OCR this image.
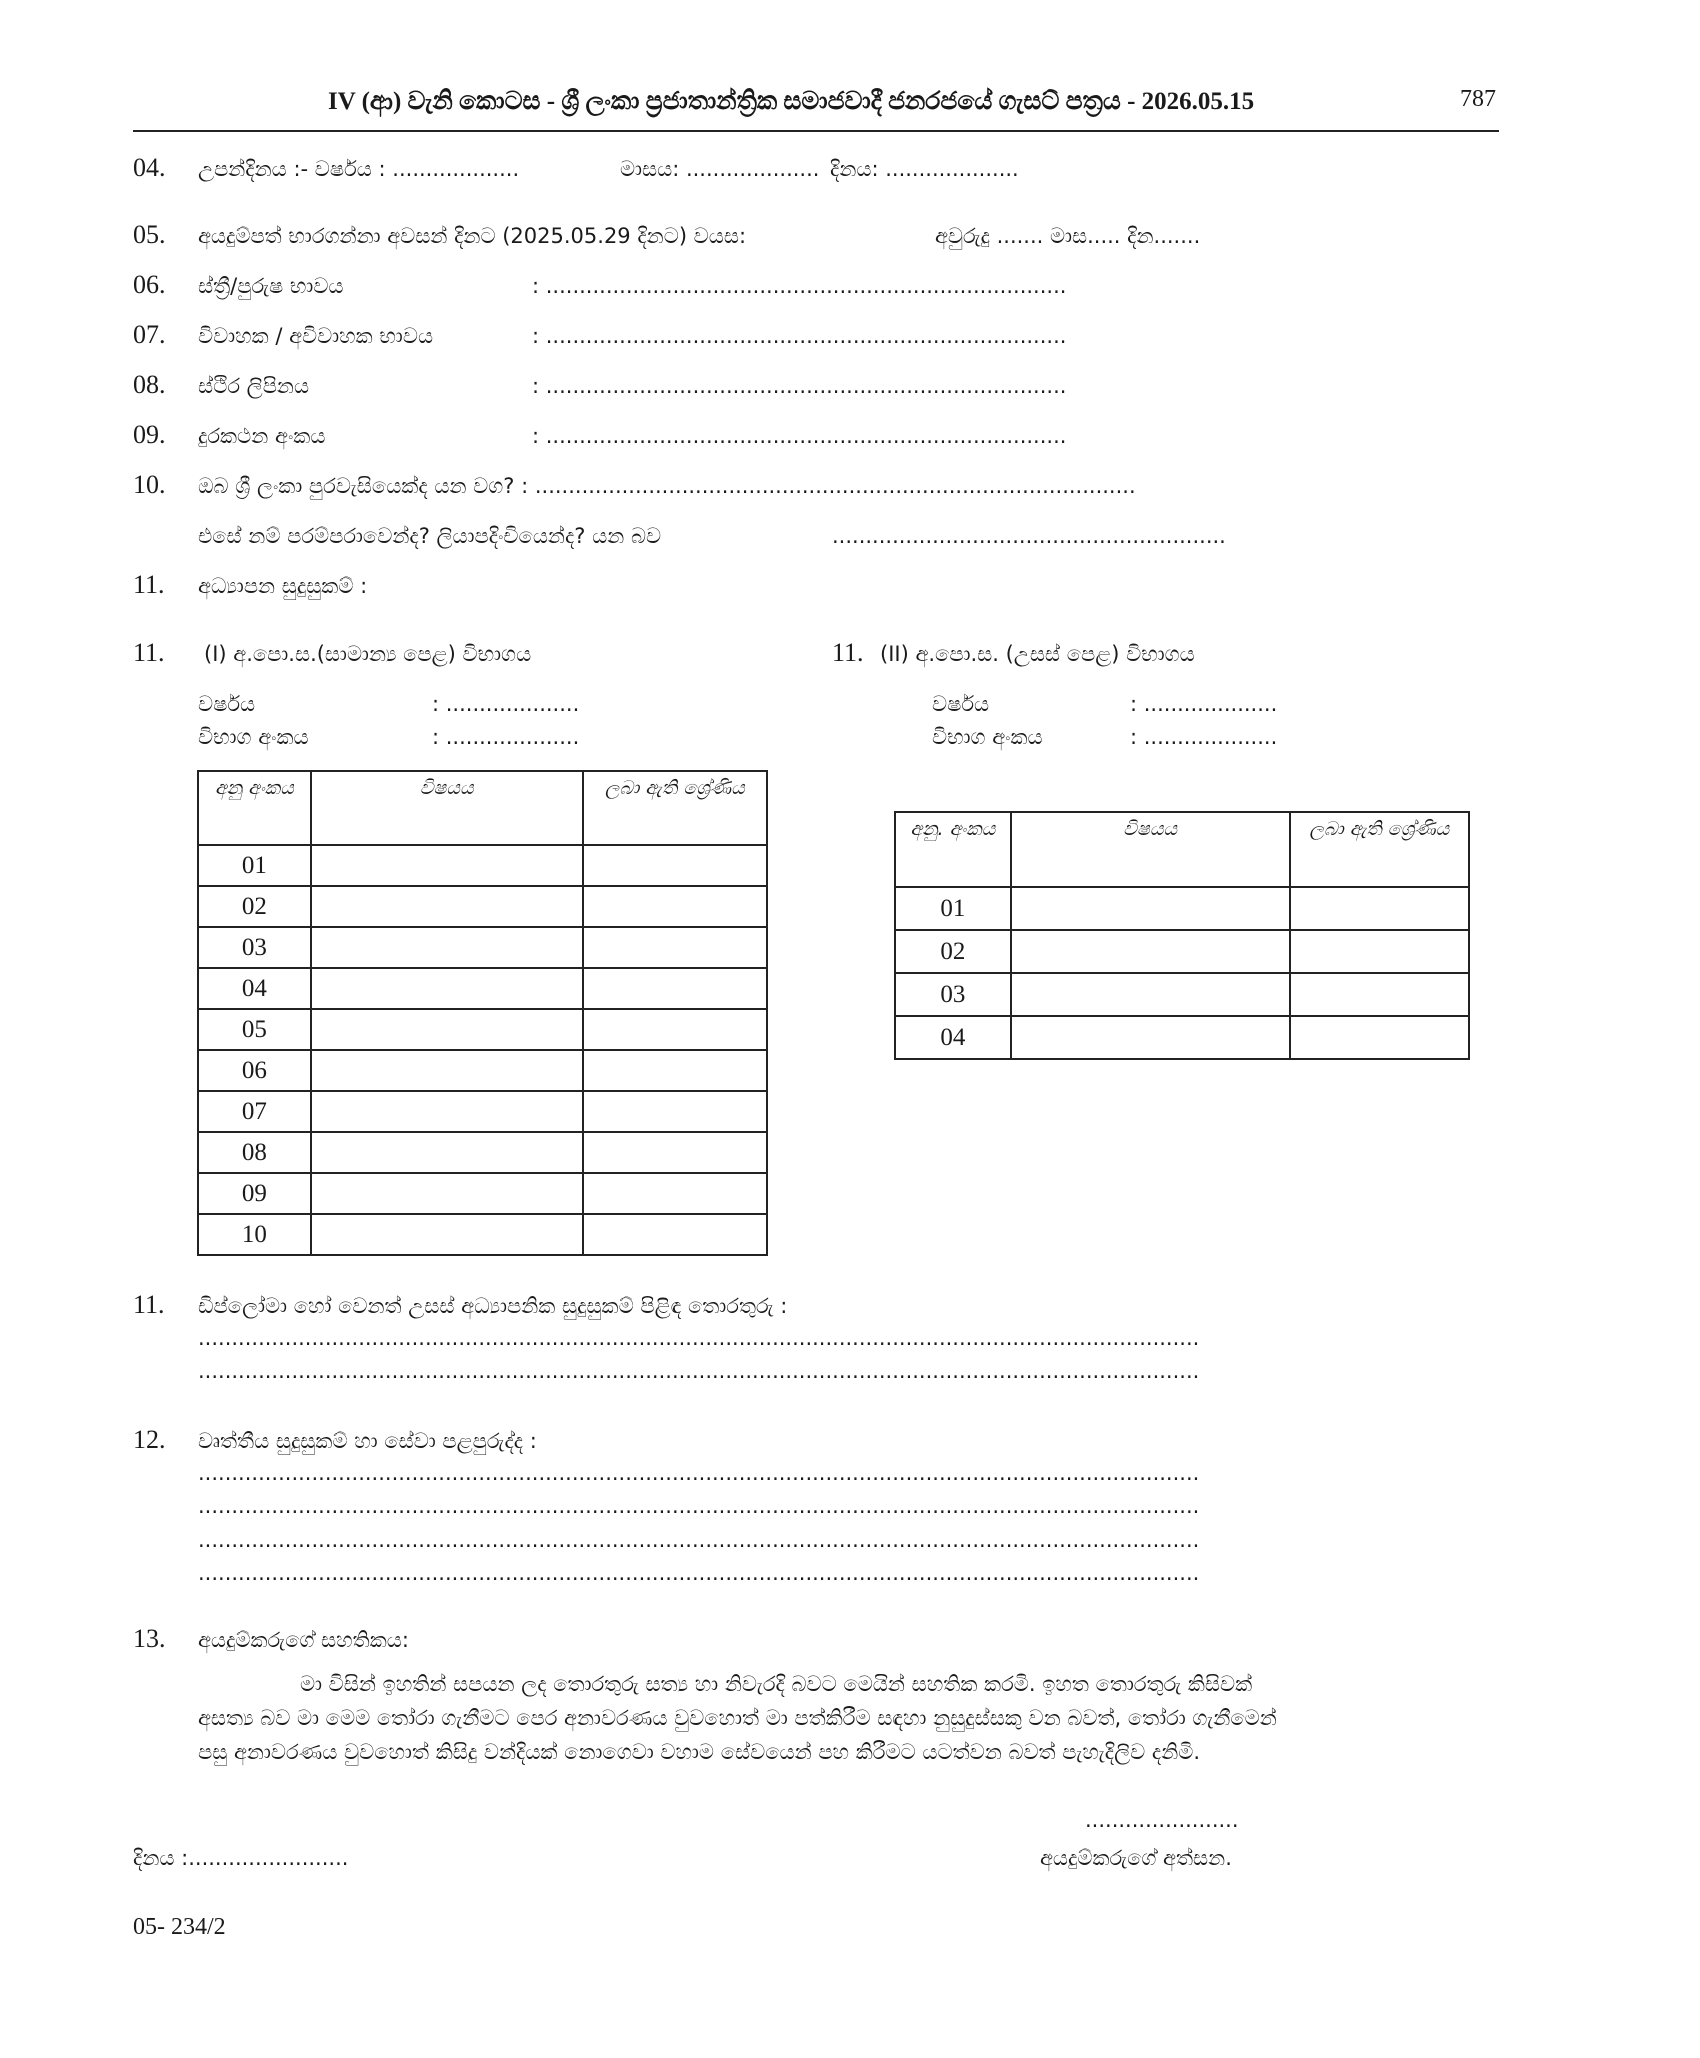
IV (ආ) වැනි කොටස - ශ්‍රී ලංකා ප්‍රජාතාන්ත්‍රික සමාජවාදී ජනරජයේ ගැසට් පත්‍රය - 2026.05.15	787
04. උපන්දිනය :- වර්ෂය : ...................	මාසය: .................... දිනය: ....................
05. අයදුම්පත් භාරගන්නා අවසන් දිනට (2025.05.29 දිනට) වයස:	අවුරුදු ....... මාස..... දින.......
06. ස්ත්‍රී/පුරුෂ භාවය	: ..............................................................................
07. විවාහක / අවිවාහක භාවය	: ..............................................................................
08. ස්ථිර ලිපිනය	: ..............................................................................
09. දුරකථන අංකය	: ..............................................................................
10. ඔබ ශ්‍රී ලංකා පුරවැසියෙක්ද යන වග? : ..........................................................................................
එසේ නම් පරම්පරාවෙන්ද? ලියාපදිංචියෙන්ද? යන බව	...........................................................
11. අධ්‍යාපන සුදුසුකම් :
11. (I) අ.පො.ස.(සාමාන්‍ය පෙළ) විභාගය
වර්ෂය	: ....................
විභාග අංකය	: ....................
අනු අංකය	විෂයය	ලබා ඇති ශ්‍රේණිය
01		
02		
03		
04		
05		
06		
07		
08		
09		
10		
11. (II) අ.පො.ස. (උසස් පෙළ) විභාගය
වර්ෂය	: ....................
විභාග අංකය	: ....................
අනු. අංකය	විෂයය	ලබා ඇති ශ්‍රේණිය
01		
02		
03		
04		
11. ඩිප්ලෝමා හෝ වෙනත් උසස් අධ්‍යාපනික සුදුසුකම් පිළිඳ තොරතුරු :
......................................................................................................................................................
......................................................................................................................................................
12. වෘත්තීය සුදුසුකම් හා සේවා පළපුරුද්ද :
......................................................................................................................................................
......................................................................................................................................................
......................................................................................................................................................
......................................................................................................................................................
13. අයදුම්කරුගේ සහතිකය:
මා විසින් ඉහතින් සපයන ලද තොරතුරු සත්‍ය හා නිවැරදි බවට මෙයින් සහතික කරමි. ඉහත තොරතුරු කිසිවක්
අසත්‍ය බව මා මෙම තෝරා ගැනීමට පෙර අනාවරණය වුවහොත් මා පත්කිරීම සඳහා නුසුදුස්සකු වන බවත්, තෝරා ගැනීමෙන්
පසු අනාවරණය වුවහොත් කිසිදු වන්දියක් නොගෙවා වහාම සේවයෙන් පහ කිරීමට යටත්වන බවත් පැහැදිලිව දනිමි.
.......................
අයදුම්කරුගේ අත්සන.
දිනය :........................
05- 234/2
